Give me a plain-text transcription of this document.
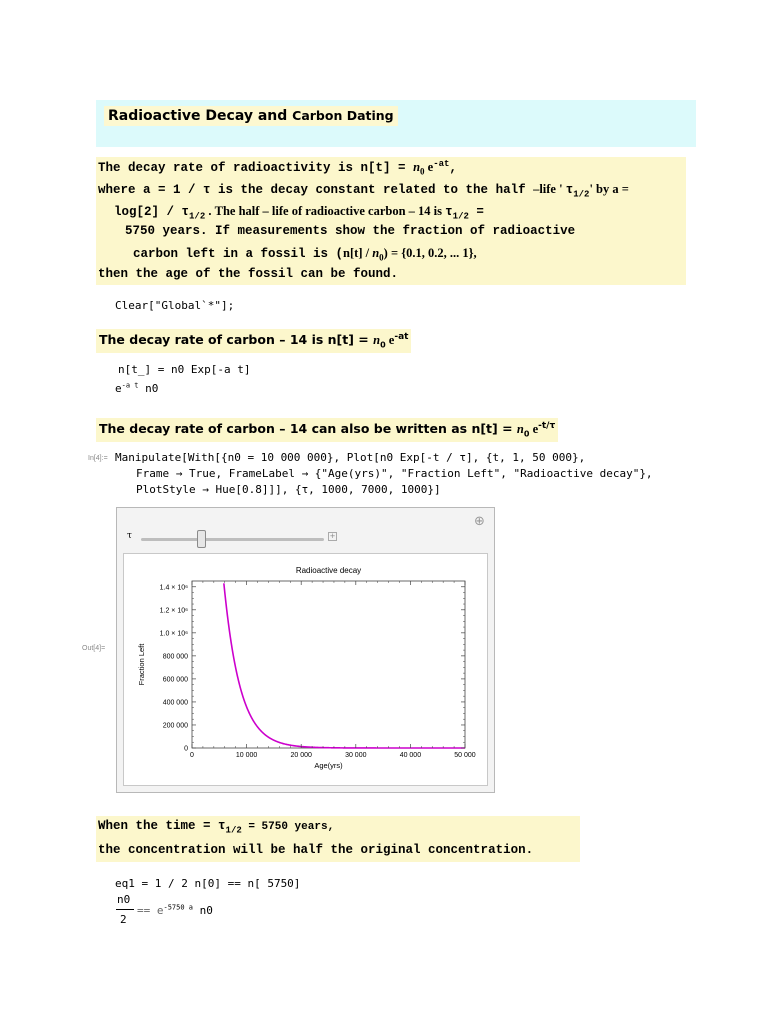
Radioactive Decay and Carbon Dating
The decay rate of radioactivity is $n[t] = n_0$ $e^{-at}$,
where a = 1 / τ is the decay constant related to the half –life ' $\tau_{1/2}'$ by a =
$\log[2] / \tau_{1/2}$ . The half – life of radioactive carbon – 14 is $\tau_{1/2}$ =
5750 years. If measurements show the fraction of radioactive
carbon left in a fossil is $(n[t] / n_0) = \{0.1$, 0.2, ... 1},
then the age of the fossil can be found.
Clear["Global`*"];
The decay rate of carbon – 14 is $n[t] = n_0$ $e^{-at}$
n[t_] = n0 Exp[-a t]
$e^{-a t}$ n0
The decay rate of carbon – 14 can also be written as $n[t] = n_0$ $e^{-t/\tau}$
In[4]:= Manipulate[With[{n0 = 10 000 000}, Plot[n0 Exp[-t / τ], {t, 1, 50 000},
Frame → True, FrameLabel → {"Age(yrs)", "Fraction Left", "Radioactive decay"},
PlotStyle → Hue[0.8]]], {τ, 1000, 7000, 1000}]
Out[4]=
τ	+
⊕
0	10 000	20 000	30 000	40 000	50 000
0
200 000
400 000
600 000
800 000
1.0 × 10⁶
1.2 × 10⁶
1.4 × 10⁶
Radioactive decay
Age(yrs)
Fraction Left
When the time = $\tau_{1/2} = 5750$ years,
the concentration will be half the original concentration.
eq1 = 1 / 2 n[0] == n[ 5750]
n0
2
== $e^{-5750 a}$ n0
